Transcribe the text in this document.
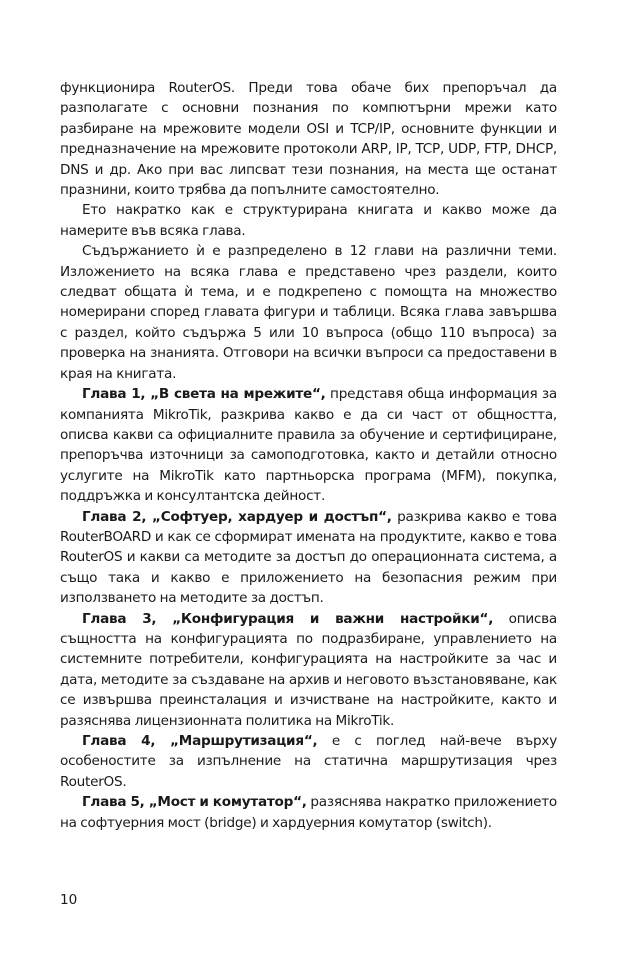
функционира RouterOS. Преди това обаче бих препоръчал да разполагате с основни познания по компютърни мрежи като разбиране на мрежовите модели OSI и TCP/IP, основните функции и предназначение на мрежовите протоколи ARP, IP, TCP, UDP, FTP, DHCP, DNS и др. Ако при вас липсват тези познания, на места ще останат празнини, които трябва да попълните самостоятелно.

Ето накратко как е структурирана книгата и какво може да намерите във всяка глава.

Съдържанието ѝ е разпределено в 12 глави на различни теми. Изложението на всяка глава е представено чрез раздели, които следват общата ѝ тема, и е подкрепено с помощта на множество номерирани според главата фигури и таблици. Всяка глава завършва с раздел, който съдържа 5 или 10 въпроса (общо 110 въпроса) за проверка на знанията. Отговори на всички въпроси са предоставени в края на книгата.

Глава 1, „В света на мрежите“, представя обща информация за компанията MikroTik, разкрива какво е да си част от общността, описва какви са официалните правила за обучение и сертифициране, препоръчва източници за самоподготовка, както и детайли относно услугите на MikroTik като партньорска програма (MFM), покупка, поддръжка и консултантска дейност.

Глава 2, „Софтуер, хардуер и достъп“, разкрива какво е това RouterBOARD и как се сформират имената на продуктите, какво е това RouterOS и какви са методите за достъп до операционната система, а също така и какво е приложението на безопасния режим при използването на методите за достъп.

Глава 3, „Конфигурация и важни настройки“, описва същността на конфигурацията по подразбиране, управлението на системните потребители, конфигурацията на настройките за час и дата, методите за създаване на архив и неговото възстановяване, как се извършва преинсталация и изчистване на настройките, както и разяснява лицензионната политика на MikroTik.

Глава 4, „Маршрутизация“, е с поглед най-вече върху особеностите за изпълнение на статична маршрутизация чрез RouterOS.

Глава 5, „Мост и комутатор“, разяснява накратко приложението на софтуерния мост (bridge) и хардуерния комутатор (switch).

10
